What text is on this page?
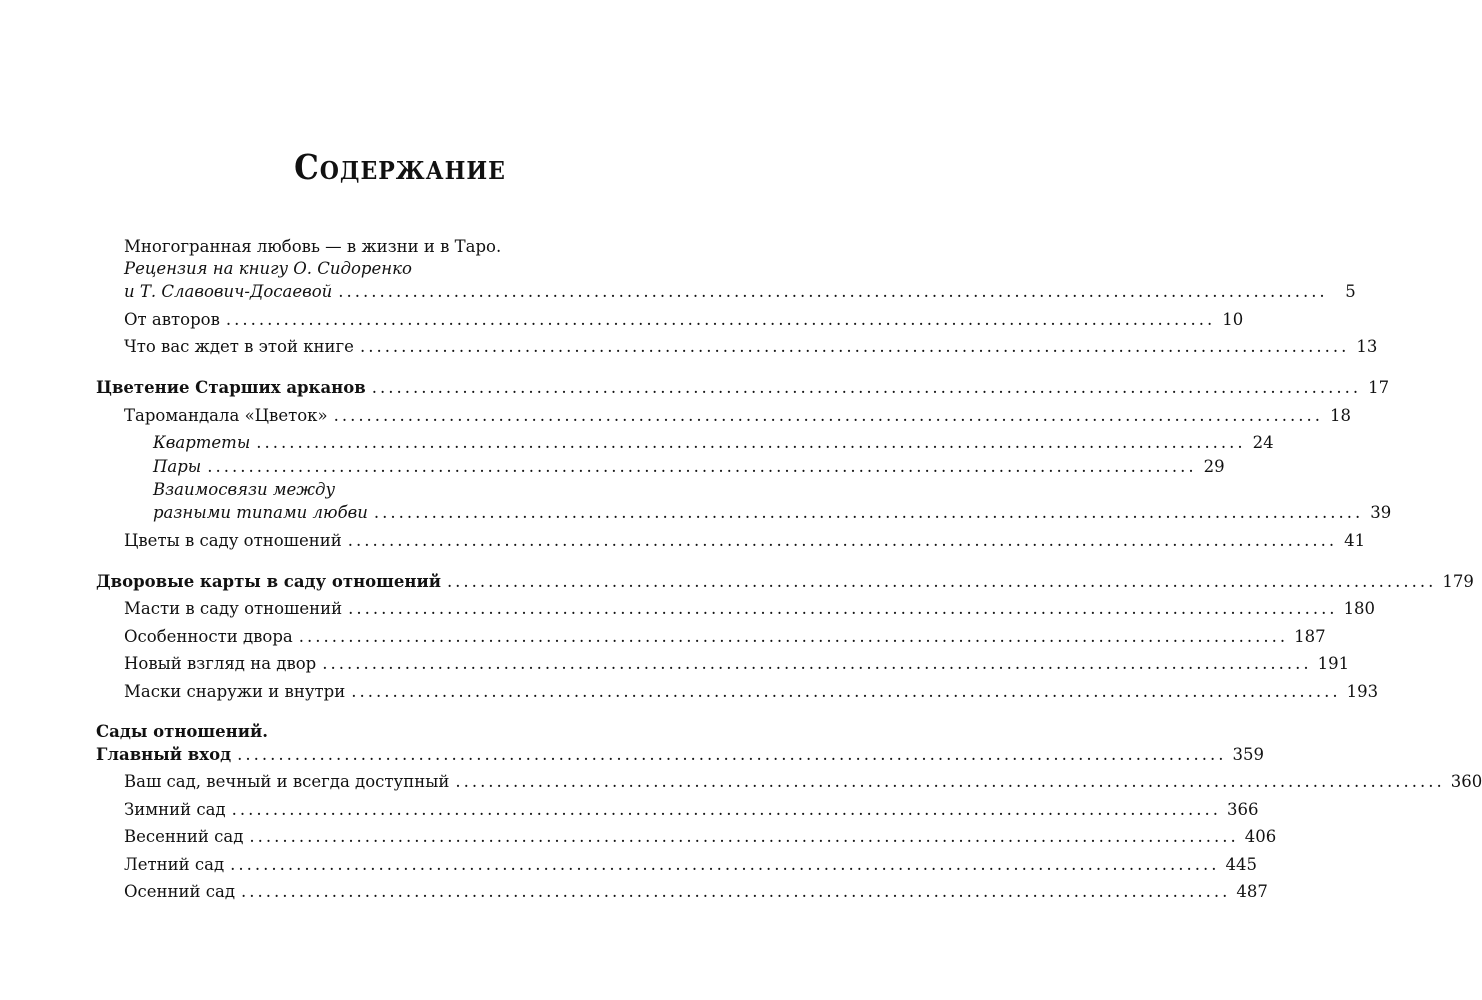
Содержание
Многогранная любовь — в жизни и в Таро.
Рецензия на книгу О. Сидоренко
и Т. Славович-Досаевой ........................................................................................................................	5
От авторов ........................................................................................................................ 10
Что вас ждет в этой книге ........................................................................................................................ 13
Цветение Старших арканов ........................................................................................................................ 17
Таромандала «Цветок» ........................................................................................................................ 18
Квартеты ........................................................................................................................ 24
Пары ........................................................................................................................ 29
Взаимосвязи между
разными типами любви ........................................................................................................................ 39
Цветы в саду отношений ........................................................................................................................ 41
Дворовые карты в саду отношений ........................................................................................................................ 179
Масти в саду отношений ........................................................................................................................ 180
Особенности двора ........................................................................................................................ 187
Новый взгляд на двор ........................................................................................................................ 191
Маски снаружи и внутри ........................................................................................................................ 193
Сады отношений.
Главный вход ........................................................................................................................ 359
Ваш сад, вечный и всегда доступный ........................................................................................................................ 360
Зимний сад ........................................................................................................................ 366
Весенний сад ........................................................................................................................ 406
Летний сад ........................................................................................................................ 445
Осенний сад ........................................................................................................................ 487
